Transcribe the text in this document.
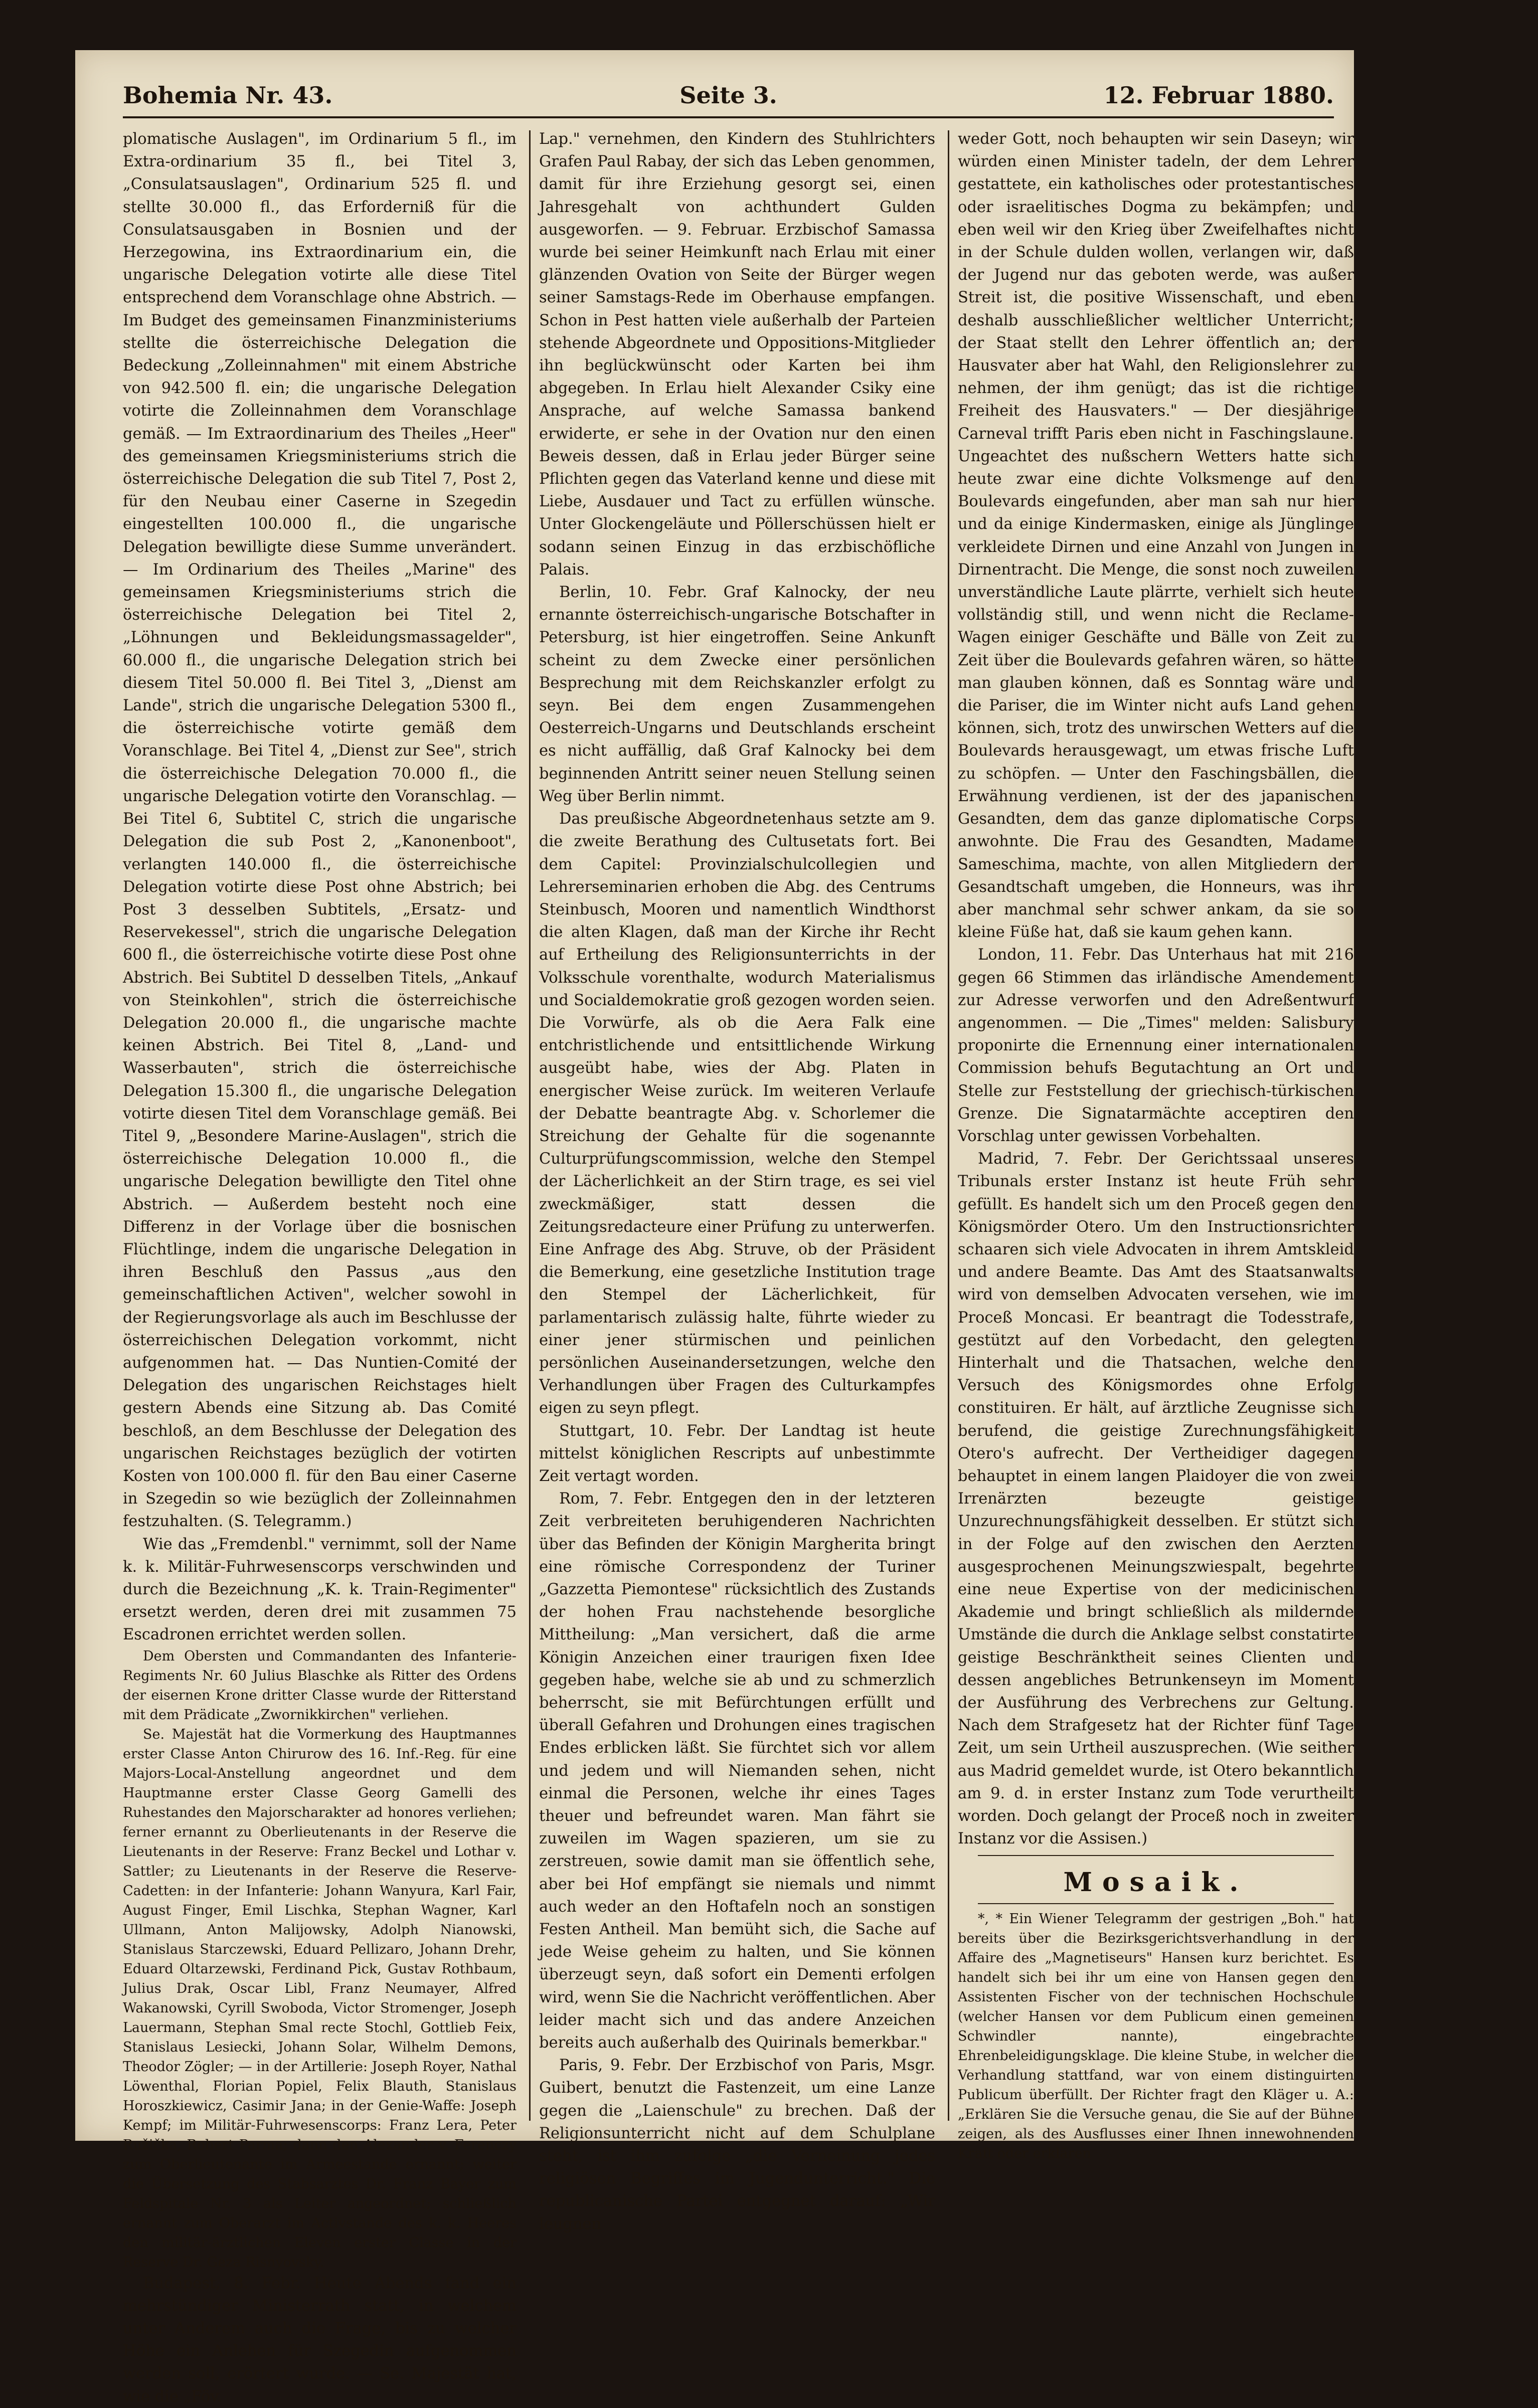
Bohemia Nr. 43.	Seite 3.	12. Februar 1880.

plomatische Auslagen", im Ordinarium 5 fl., im Extra-ordinarium 35 fl., bei Titel 3, „Consulatsauslagen", Ordinarium 525 fl. und stellte 30.000 fl., das Erforderniß für die Consulatsausgaben in Bosnien und der Herzegowina, ins Extraordinarium ein, die ungarische Delegation votirte alle diese Titel entsprechend dem Voranschlage ohne Abstrich. — Im Budget des gemeinsamen Finanzministeriums stellte die österreichische Delegation die Bedeckung „Zolleinnahmen" mit einem Abstriche von 942.500 fl. ein; die ungarische Delegation votirte die Zolleinnahmen dem Voranschlage gemäß. — Im Extraordinarium des Theiles „Heer" des gemeinsamen Kriegsministeriums strich die österreichische Delegation die sub Titel 7, Post 2, für den Neubau einer Caserne in Szegedin eingestellten 100.000 fl., die ungarische Delegation bewilligte diese Summe unverändert. — Im Ordinarium des Theiles „Marine" des gemeinsamen Kriegsministeriums strich die österreichische Delegation bei Titel 2, „Löhnungen und Bekleidungsmassagelder", 60.000 fl., die ungarische Delegation strich bei diesem Titel 50.000 fl. Bei Titel 3, „Dienst am Lande", strich die ungarische Delegation 5300 fl., die österreichische votirte gemäß dem Voranschlage. Bei Titel 4, „Dienst zur See", strich die österreichische Delegation 70.000 fl., die ungarische Delegation votirte den Voranschlag. — Bei Titel 6, Subtitel C, strich die ungarische Delegation die sub Post 2, „Kanonenboot", verlangten 140.000 fl., die österreichische Delegation votirte diese Post ohne Abstrich; bei Post 3 desselben Subtitels, „Ersatz- und Reservekessel", strich die ungarische Delegation 600 fl., die österreichische votirte diese Post ohne Abstrich. Bei Subtitel D desselben Titels, „Ankauf von Steinkohlen", strich die österreichische Delegation 20.000 fl., die ungarische machte keinen Abstrich. Bei Titel 8, „Land- und Wasserbauten", strich die österreichische Delegation 15.300 fl., die ungarische Delegation votirte diesen Titel dem Voranschlage gemäß. Bei Titel 9, „Besondere Marine-Auslagen", strich die österreichische Delegation 10.000 fl., die ungarische Delegation bewilligte den Titel ohne Abstrich. — Außerdem besteht noch eine Differenz in der Vorlage über die bosnischen Flüchtlinge, indem die ungarische Delegation in ihren Beschluß den Passus „aus den gemeinschaftlichen Activen", welcher sowohl in der Regierungsvorlage als auch im Beschlusse der österreichischen Delegation vorkommt, nicht aufgenommen hat. — Das Nuntien-Comité der Delegation des ungarischen Reichstages hielt gestern Abends eine Sitzung ab. Das Comité beschloß, an dem Beschlusse der Delegation des ungarischen Reichstages bezüglich der votirten Kosten von 100.000 fl. für den Bau einer Caserne in Szegedin so wie bezüglich der Zolleinnahmen festzuhalten. (S. Telegramm.)

Wie das „Fremdenbl." vernimmt, soll der Name k. k. Militär-Fuhrwesenscorps verschwinden und durch die Bezeichnung „K. k. Train-Regimenter" ersetzt werden, deren drei mit zusammen 75 Escadronen errichtet werden sollen.

Dem Obersten und Commandanten des Infanterie-Regiments Nr. 60 Julius Blaschke als Ritter des Ordens der eisernen Krone dritter Classe wurde der Ritterstand mit dem Prädicate „Zwornikkirchen" verliehen.

Se. Majestät hat die Vormerkung des Hauptmannes erster Classe Anton Chirurow des 16. Inf.-Reg. für eine Majors-Local-Anstellung angeordnet und dem Hauptmanne erster Classe Georg Gamelli des Ruhestandes den Majorscharakter ad honores verliehen; ferner ernannt zu Oberlieutenants in der Reserve die Lieutenants in der Reserve: Franz Beckel und Lothar v. Sattler; zu Lieutenants in der Reserve die Reserve-Cadetten: in der Infanterie: Johann Wanyura, Karl Fair, August Finger, Emil Lischka, Stephan Wagner, Karl Ullmann, Anton Malijowsky, Adolph Nianowski, Stanislaus Starczewski, Eduard Pellizaro, Johann Drehr, Eduard Oltarzewski, Ferdinand Pick, Gustav Rothbaum, Julius Drak, Oscar Libl, Franz Neumayer, Alfred Wakanowski, Cyrill Swoboda, Victor Stromenger, Joseph Lauermann, Stephan Smal recte Stochl, Gottlieb Feix, Stanislaus Lesiecki, Johann Solar, Wilhelm Demons, Theodor Zögler; — in der Artillerie: Joseph Royer, Nathal Löwenthal, Florian Popiel, Felix Blauth, Stanislaus Horoszkiewicz, Casimir Jana; in der Genie-Waffe: Joseph Kempf; im Militär-Fuhrwesenscorps: Franz Lera, Peter Ružička, Robert Parma; dann den Alexander v. Ferenczy zum Oberlieutenante im Armeestande ernannt; weiter die Übersetzung des Stabsarztes Dr. Franz Bayer zum Feldspitale Nr. 3 als Leiter angeordnet; schließlich ernannt zum Oberarzt im Activstande des k. k. Heeres den militär-ärztlichen Eleven erster Classe in der Reserve Dr. Geza Risnyovsky.

Budapest, 8. Febr. Heute Abends fand ein mehrstündiger Ministerrath statt, in welchem unter Anderem auch die Frage, bis zu welcher Höhe ein Anlehen für Szegedin aufgenommen werden soll, erörtert wurde. — Se. Majestät hat, wie die „Föv.

Lap." vernehmen, den Kindern des Stuhlrichters Grafen Paul Rabay, der sich das Leben genommen, damit für ihre Erziehung gesorgt sei, einen Jahresgehalt von achthundert Gulden ausgeworfen. — 9. Februar. Erzbischof Samassa wurde bei seiner Heimkunft nach Erlau mit einer glänzenden Ovation von Seite der Bürger wegen seiner Samstags-Rede im Oberhause empfangen. Schon in Pest hatten viele außerhalb der Parteien stehende Abgeordnete und Oppositions-Mitglieder ihn beglückwünscht oder Karten bei ihm abgegeben. In Erlau hielt Alexander Csiky eine Ansprache, auf welche Samassa bankend erwiderte, er sehe in der Ovation nur den einen Beweis dessen, daß in Erlau jeder Bürger seine Pflichten gegen das Vaterland kenne und diese mit Liebe, Ausdauer und Tact zu erfüllen wünsche. Unter Glockengeläute und Pöllerschüssen hielt er sodann seinen Einzug in das erzbischöfliche Palais.

Berlin, 10. Febr. Graf Kalnocky, der neu ernannte österreichisch-ungarische Botschafter in Petersburg, ist hier eingetroffen. Seine Ankunft scheint zu dem Zwecke einer persönlichen Besprechung mit dem Reichskanzler erfolgt zu seyn. Bei dem engen Zusammengehen Oesterreich-Ungarns und Deutschlands erscheint es nicht auffällig, daß Graf Kalnocky bei dem beginnenden Antritt seiner neuen Stellung seinen Weg über Berlin nimmt.

Das preußische Abgeordnetenhaus setzte am 9. die zweite Berathung des Cultusetats fort. Bei dem Capitel: Provinzialschulcollegien und Lehrerseminarien erhoben die Abg. des Centrums Steinbusch, Mooren und namentlich Windthorst die alten Klagen, daß man der Kirche ihr Recht auf Ertheilung des Religionsunterrichts in der Volksschule vorenthalte, wodurch Materialismus und Socialdemokratie groß gezogen worden seien. Die Vorwürfe, als ob die Aera Falk eine entchristlichende und entsittlichende Wirkung ausgeübt habe, wies der Abg. Platen in energischer Weise zurück. Im weiteren Verlaufe der Debatte beantragte Abg. v. Schorlemer die Streichung der Gehalte für die sogenannte Culturprüfungscommission, welche den Stempel der Lächerlichkeit an der Stirn trage, es sei viel zweckmäßiger, statt dessen die Zeitungsredacteure einer Prüfung zu unterwerfen. Eine Anfrage des Abg. Struve, ob der Präsident die Bemerkung, eine gesetzliche Institution trage den Stempel der Lächerlichkeit, für parlamentarisch zulässig halte, führte wieder zu einer jener stürmischen und peinlichen persönlichen Auseinandersetzungen, welche den Verhandlungen über Fragen des Culturkampfes eigen zu seyn pflegt.

Stuttgart, 10. Febr. Der Landtag ist heute mittelst königlichen Rescripts auf unbestimmte Zeit vertagt worden.

Rom, 7. Febr. Entgegen den in der letzteren Zeit verbreiteten beruhigenderen Nachrichten über das Befinden der Königin Margherita bringt eine römische Correspondenz der Turiner „Gazzetta Piemontese" rücksichtlich des Zustands der hohen Frau nachstehende besorgliche Mittheilung: „Man versichert, daß die arme Königin Anzeichen einer traurigen fixen Idee gegeben habe, welche sie ab und zu schmerzlich beherrscht, sie mit Befürchtungen erfüllt und überall Gefahren und Drohungen eines tragischen Endes erblicken läßt. Sie fürchtet sich vor allem und jedem und will Niemanden sehen, nicht einmal die Personen, welche ihr eines Tages theuer und befreundet waren. Man fährt sie zuweilen im Wagen spazieren, um sie zu zerstreuen, sowie damit man sie öffentlich sehe, aber bei Hof empfängt sie niemals und nimmt auch weder an den Hoftafeln noch an sonstigen Festen Antheil. Man bemüht sich, die Sache auf jede Weise geheim zu halten, und Sie können überzeugt seyn, daß sofort ein Dementi erfolgen wird, wenn Sie die Nachricht veröffentlichen. Aber leider macht sich und das andere Anzeichen bereits auch außerhalb des Quirinals bemerkbar."

Paris, 9. Febr. Der Erzbischof von Paris, Msgr. Guibert, benutzt die Fastenzeit, um eine Lanze gegen die „Laienschule" zu brechen. Daß der Religionsunterricht nicht auf dem Schulplane steht, ist ihm zufolge „die Verneinung jedes religiösen Begriffes im Jugendunterricht." Die republicanische Partei entgegnet darauf: „Wir leugnen

weder Gott, noch behaupten wir sein Daseyn; wir würden einen Minister tadeln, der dem Lehrer gestattete, ein katholisches oder protestantisches oder israelitisches Dogma zu bekämpfen; und eben weil wir den Krieg über Zweifelhaftes nicht in der Schule dulden wollen, verlangen wir, daß der Jugend nur das geboten werde, was außer Streit ist, die positive Wissenschaft, und eben deshalb ausschließlicher weltlicher Unterricht; der Staat stellt den Lehrer öffentlich an; der Hausvater aber hat Wahl, den Religionslehrer zu nehmen, der ihm genügt; das ist die richtige Freiheit des Hausvaters." — Der diesjährige Carneval trifft Paris eben nicht in Faschingslaune. Ungeachtet des nußschern Wetters hatte sich heute zwar eine dichte Volksmenge auf den Boulevards eingefunden, aber man sah nur hier und da einige Kindermasken, einige als Jünglinge verkleidete Dirnen und eine Anzahl von Jungen in Dirnentracht. Die Menge, die sonst noch zuweilen unverständliche Laute plärrte, verhielt sich heute vollständig still, und wenn nicht die Reclame-Wagen einiger Geschäfte und Bälle von Zeit zu Zeit über die Boulevards gefahren wären, so hätte man glauben können, daß es Sonntag wäre und die Pariser, die im Winter nicht aufs Land gehen können, sich, trotz des unwirschen Wetters auf die Boulevards herausgewagt, um etwas frische Luft zu schöpfen. — Unter den Faschingsbällen, die Erwähnung verdienen, ist der des japanischen Gesandten, dem das ganze diplomatische Corps anwohnte. Die Frau des Gesandten, Madame Sameschima, machte, von allen Mitgliedern der Gesandtschaft umgeben, die Honneurs, was ihr aber manchmal sehr schwer ankam, da sie so kleine Füße hat, daß sie kaum gehen kann.

London, 11. Febr. Das Unterhaus hat mit 216 gegen 66 Stimmen das irländische Amendement zur Adresse verworfen und den Adreßentwurf angenommen. — Die „Times" melden: Salisbury proponirte die Ernennung einer internationalen Commission behufs Begutachtung an Ort und Stelle zur Feststellung der griechisch-türkischen Grenze. Die Signatarmächte acceptiren den Vorschlag unter gewissen Vorbehalten.

Madrid, 7. Febr. Der Gerichtssaal unseres Tribunals erster Instanz ist heute Früh sehr gefüllt. Es handelt sich um den Proceß gegen den Königsmörder Otero. Um den Instructionsrichter schaaren sich viele Advocaten in ihrem Amtskleid und andere Beamte. Das Amt des Staatsanwalts wird von demselben Advocaten versehen, wie im Proceß Moncasi. Er beantragt die Todesstrafe, gestützt auf den Vorbedacht, den gelegten Hinterhalt und die Thatsachen, welche den Versuch des Königsmordes ohne Erfolg constituiren. Er hält, auf ärztliche Zeugnisse sich berufend, die geistige Zurechnungsfähigkeit Otero's aufrecht. Der Vertheidiger dagegen behauptet in einem langen Plaidoyer die von zwei Irrenärzten bezeugte geistige Unzurechnungsfähigkeit desselben. Er stützt sich in der Folge auf den zwischen den Aerzten ausgesprochenen Meinungszwiespalt, begehrte eine neue Expertise von der medicinischen Akademie und bringt schließlich als mildernde Umstände die durch die Anklage selbst constatirte geistige Beschränktheit seines Clienten und dessen angebliches Betrunkenseyn im Moment der Ausführung des Verbrechens zur Geltung. Nach dem Strafgesetz hat der Richter fünf Tage Zeit, um sein Urtheil auszusprechen. (Wie seither aus Madrid gemeldet wurde, ist Otero bekanntlich am 9. d. in erster Instanz zum Tode verurtheilt worden. Doch gelangt der Proceß noch in zweiter Instanz vor die Assisen.)

Mosaik.

*, * Ein Wiener Telegramm der gestrigen „Boh." hat bereits über die Bezirksgerichtsverhandlung in der Affaire des „Magnetiseurs" Hansen kurz berichtet. Es handelt sich bei ihr um eine von Hansen gegen den Assistenten Fischer von der technischen Hochschule (welcher Hansen vor dem Publicum einen gemeinen Schwindler nannte), eingebrachte Ehrenbeleidigungsklage. Die kleine Stube, in welcher die Verhandlung stattfand, war von einem distinguirten Publicum überfüllt. Der Richter fragt den Kläger u. A.: „Erklären Sie die Versuche genau, die Sie auf der Bühne zeigen, als des Ausflusses einer Ihnen innewohnenden Kraft oder erklären
